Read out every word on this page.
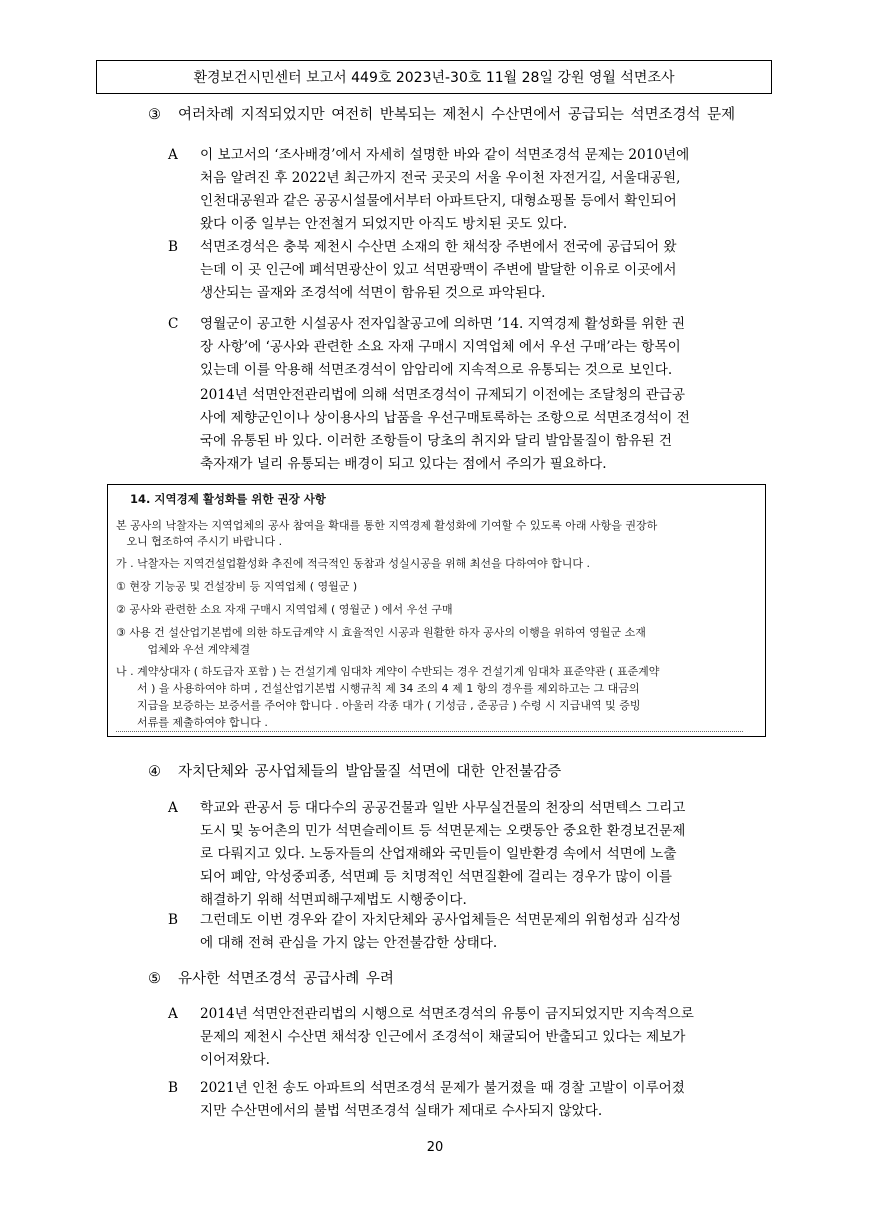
환경보건시민센터 보고서 449호 2023년-30호 11월 28일 강원 영월 석면조사
③ 여러차례 지적되었지만 여전히 반복되는 제천시 수산면에서 공급되는 석면조경석 문제
A 이 보고서의 ‘조사배경’에서 자세히 설명한 바와 같이 석면조경석 문제는 2010년에
처음 알려진 후 2022년 최근까지 전국 곳곳의 서울 우이천 자전거길, 서울대공원,
인천대공원과 같은 공공시설물에서부터 아파트단지, 대형쇼핑몰 등에서 확인되어
왔다 이중 일부는 안전철거 되었지만 아직도 방치된 곳도 있다.
B 석면조경석은 충북 제천시 수산면 소재의 한 채석장 주변에서 전국에 공급되어 왔
는데 이 곳 인근에 폐석면광산이 있고 석면광맥이 주변에 발달한 이유로 이곳에서
생산되는 골재와 조경석에 석면이 함유된 것으로 파악된다.
C 영월군이 공고한 시설공사 전자입찰공고에 의하면 ’14. 지역경제 활성화를 위한 권
장 사항’에 ‘공사와 관련한 소요 자재 구매시 지역업체 에서 우선 구매’라는 항목이
있는데 이를 악용해 석면조경석이 암암리에 지속적으로 유통되는 것으로 보인다.
2014년 석면안전관리법에 의해 석면조경석이 규제되기 이전에는 조달청의 관급공
사에 제향군인이나 상이용사의 납품을 우선구매토록하는 조항으로 석면조경석이 전
국에 유통된 바 있다. 이러한 조항들이 당초의 취지와 달리 발암물질이 함유된 건
축자재가 널리 유통되는 배경이 되고 있다는 점에서 주의가 필요하다.
14. 지역경제 활성화를 위한 권장 사항
본 공사의 낙찰자는 지역업체의 공사 참여을 확대를 통한 지역경제 활성화에 기여할 수 있도록 아래 사항을 권장하
오니 협조하여 주시기 바랍니다 .
가 . 낙찰자는 지역건설업활성화 추진에 적극적인 동참과 성실시공을 위해 최선을 다하여야 합니다 .
① 현장 기능공 및 건설장비 등 지역업체 ( 영월군 )
② 공사와 관련한 소요 자재 구매시 지역업체 ( 영월군 ) 에서 우선 구매
③ 사용 건 설산업기본법에 의한 하도급계약 시 효율적인 시공과 원활한 하자 공사의 이행을 위하여 영월군 소재
업체와 우선 계약체결
나 . 계약상대자 ( 하도급자 포함 ) 는 건설기계 임대차 계약이 수반되는 경우 건설기계 임대차 표준약관 ( 표준계약
서 ) 을 사용하여야 하며 , 건설산업기본법 시행규칙 제 34 조의 4 제 1 항의 경우를 제외하고는 그 대금의
지급을 보증하는 보증서를 주어야 합니다 . 아울러 각종 대가 ( 기성금 , 준공금 ) 수령 시 지급내역 및 증빙
서류를 제출하여야 합니다 .
④ 자치단체와 공사업체들의 발암물질 석면에 대한 안전불감증
A 학교와 관공서 등 대다수의 공공건물과 일반 사무실건물의 천장의 석면텍스 그리고
도시 및 농어촌의 민가 석면슬레이트 등 석면문제는 오랫동안 중요한 환경보건문제
로 다뤄지고 있다. 노동자들의 산업재해와 국민들이 일반환경 속에서 석면에 노출
되어 폐암, 악성중피종, 석면폐 등 치명적인 석면질환에 걸리는 경우가 많이 이를
해결하기 위해 석면피해구제법도 시행중이다.
B 그런데도 이번 경우와 같이 자치단체와 공사업체들은 석면문제의 위험성과 심각성
에 대해 전혀 관심을 가지 않는 안전불감한 상태다.
⑤ 유사한 석면조경석 공급사례 우려
A 2014년 석면안전관리법의 시행으로 석면조경석의 유통이 금지되었지만 지속적으로
문제의 제천시 수산면 채석장 인근에서 조경석이 채굴되어 반출되고 있다는 제보가
이어져왔다.
B 2021년 인천 송도 아파트의 석면조경석 문제가 불거졌을 때 경찰 고발이 이루어졌
지만 수산면에서의 불법 석면조경석 실태가 제대로 수사되지 않았다.
20
